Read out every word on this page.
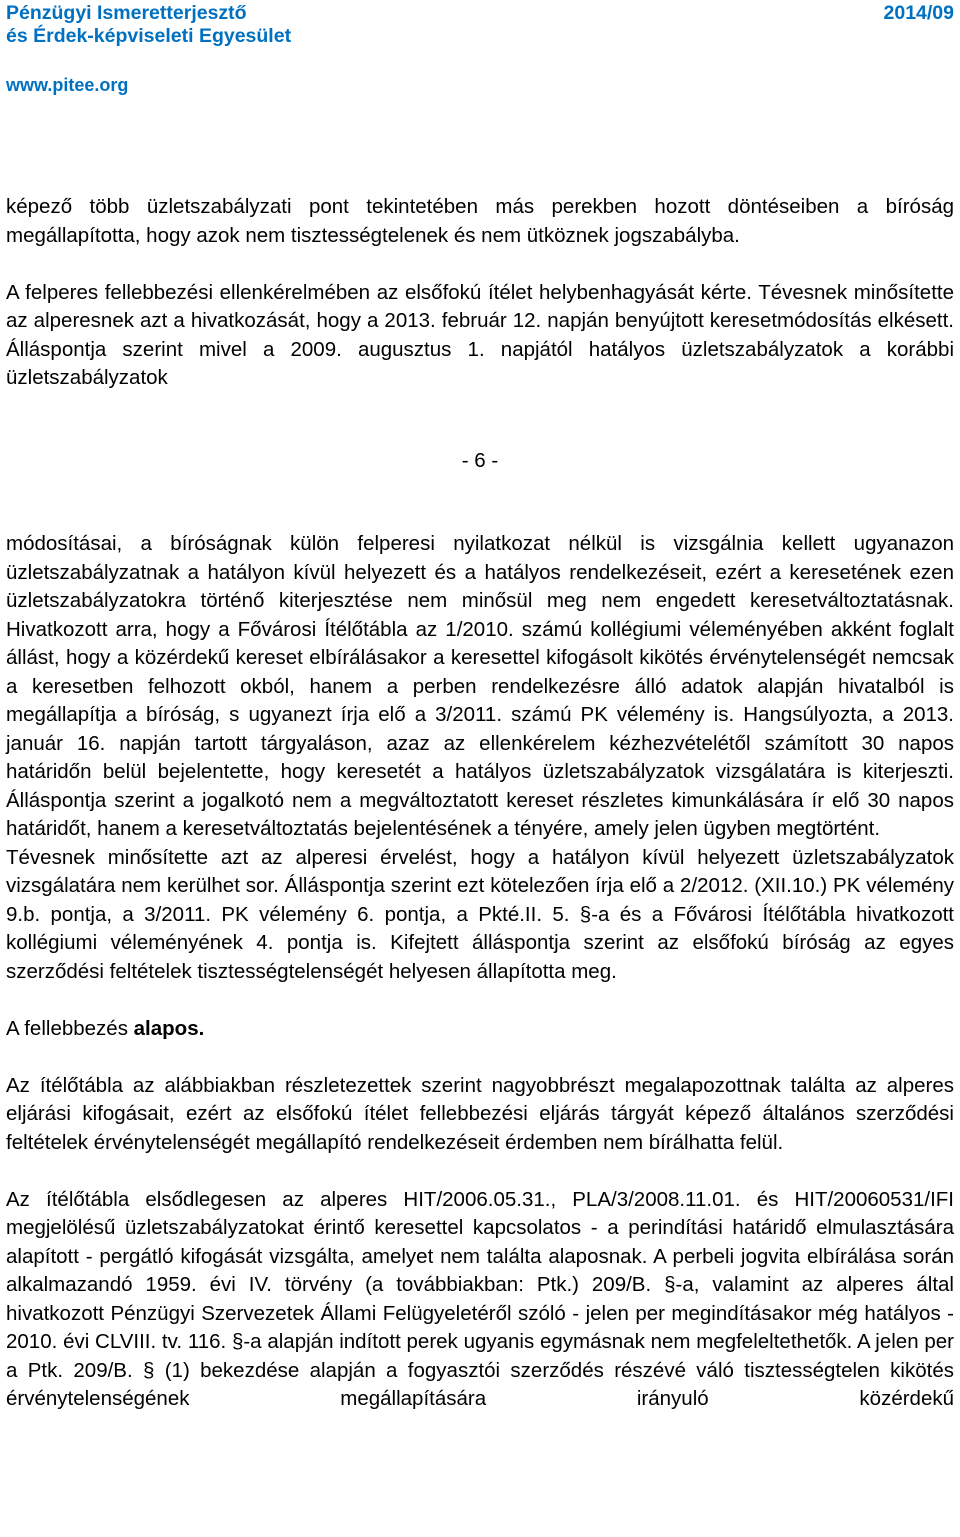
Pénzügyi Ismeretterjesztő
és Érdek-képviseleti Egyesület
2014/09
www.pitee.org

képező több üzletszabályzati pont tekintetében más perekben hozott döntéseiben a bíróság megállapította, hogy azok nem tisztességtelenek és nem ütköznek jogszabályba.

A felperes fellebbezési ellenkérelmében az elsőfokú ítélet helybenhagyását kérte. Tévesnek minősítette az alperesnek azt a hivatkozását, hogy a 2013. február 12. napján benyújtott keresetmódosítás elkésett. Álláspontja szerint mivel a 2009. augusztus 1. napjától hatályos üzletszabályzatok a korábbi üzletszabályzatok

- 6 -

módosításai, a bíróságnak külön felperesi nyilatkozat nélkül is vizsgálnia kellett ugyanazon üzletszabályzatnak a hatályon kívül helyezett és a hatályos rendelkezéseit, ezért a keresetének ezen üzletszabályzatokra történő kiterjesztése nem minősül meg nem engedett keresetváltoztatásnak. Hivatkozott arra, hogy a Fővárosi Ítélőtábla az 1/2010. számú kollégiumi véleményében akként foglalt állást, hogy a közérdekű kereset elbírálásakor a keresettel kifogásolt kikötés érvénytelenségét nemcsak a keresetben felhozott okból, hanem a perben rendelkezésre álló adatok alapján hivatalból is megállapítja a bíróság, s ugyanezt írja elő a 3/2011. számú PK vélemény is. Hangsúlyozta, a 2013. január 16. napján tartott tárgyaláson, azaz az ellenkérelem kézhezvételétől számított 30 napos határidőn belül bejelentette, hogy keresetét a hatályos üzletszabályzatok vizsgálatára is kiterjeszti. Álláspontja szerint a jogalkotó nem a megváltoztatott kereset részletes kimunkálására ír elő 30 napos határidőt, hanem a keresetváltoztatás bejelentésének a tényére, amely jelen ügyben megtörtént.

Tévesnek minősítette azt az alperesi érvelést, hogy a hatályon kívül helyezett üzletszabályzatok vizsgálatára nem kerülhet sor. Álláspontja szerint ezt kötelezően írja elő a 2/2012. (XII.10.) PK vélemény 9.b. pontja, a 3/2011. PK vélemény 6. pontja, a Pkté.II. 5. §-a és a Fővárosi Ítélőtábla hivatkozott kollégiumi véleményének 4. pontja is. Kifejtett álláspontja szerint az elsőfokú bíróság az egyes szerződési feltételek tisztességtelenségét helyesen állapította meg.

A fellebbezés alapos.

Az ítélőtábla az alábbiakban részletezettek szerint nagyobbrészt megalapozottnak találta az alperes eljárási kifogásait, ezért az elsőfokú ítélet fellebbezési eljárás tárgyát képező általános szerződési feltételek érvénytelenségét megállapító rendelkezéseit érdemben nem bírálhatta felül.

Az ítélőtábla elsődlegesen az alperes HIT/2006.05.31., PLA/3/2008.11.01. és HIT/20060531/IFI megjelölésű üzletszabályzatokat érintő keresettel kapcsolatos - a perindítási határidő elmulasztására alapított - pergátló kifogását vizsgálta, amelyet nem találta alaposnak. A perbeli jogvita elbírálása során alkalmazandó 1959. évi IV. törvény (a továbbiakban: Ptk.) 209/B. §-a, valamint az alperes által hivatkozott Pénzügyi Szervezetek Állami Felügyeletéről szóló - jelen per megindításakor még hatályos - 2010. évi CLVIII. tv. 116. §-a alapján indított perek ugyanis egymásnak nem megfeleltethetők. A jelen per a Ptk. 209/B. § (1) bekezdése alapján a fogyasztói szerződés részévé váló tisztességtelen kikötés érvénytelenségének megállapítására irányuló közérdekű
